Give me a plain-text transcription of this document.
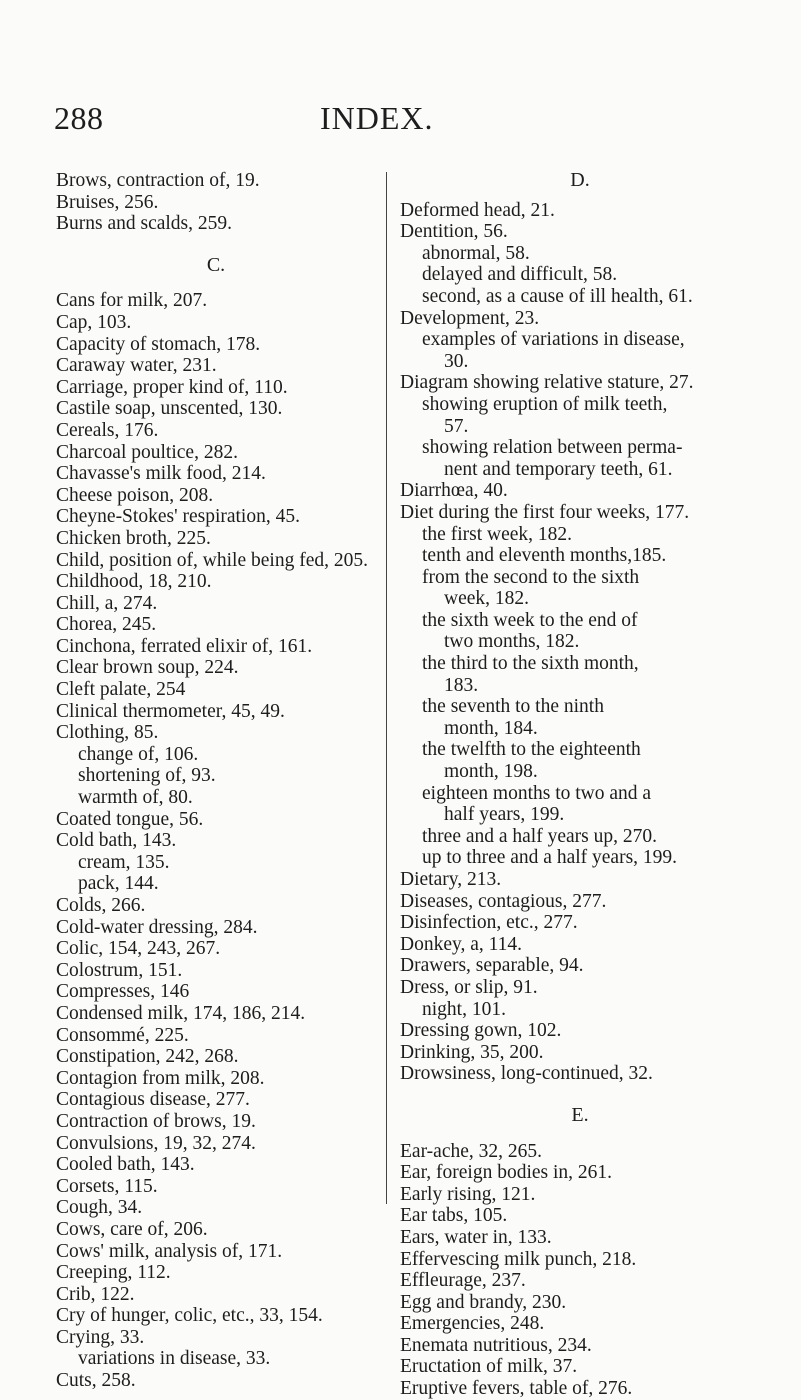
288	INDEX.
Brows, contraction of, 19.
Bruises, 256.
Burns and scalds, 259.
C.
Cans for milk, 207.
Cap, 103.
Capacity of stomach, 178.
Caraway water, 231.
Carriage, proper kind of, 110.
Castile soap, unscented, 130.
Cereals, 176.
Charcoal poultice, 282.
Chavasse's milk food, 214.
Cheese poison, 208.
Cheyne-Stokes' respiration, 45.
Chicken broth, 225.
Child, position of, while being fed, 205.
Childhood, 18, 210.
Chill, a, 274.
Chorea, 245.
Cinchona, ferrated elixir of, 161.
Clear brown soup, 224.
Cleft palate, 254
Clinical thermometer, 45, 49.
Clothing, 85.
change of, 106.
shortening of, 93.
warmth of, 80.
Coated tongue, 56.
Cold bath, 143.
cream, 135.
pack, 144.
Colds, 266.
Cold-water dressing, 284.
Colic, 154, 243, 267.
Colostrum, 151.
Compresses, 146
Condensed milk, 174, 186, 214.
Consommé, 225.
Constipation, 242, 268.
Contagion from milk, 208.
Contagious disease, 277.
Contraction of brows, 19.
Convulsions, 19, 32, 274.
Cooled bath, 143.
Corsets, 115.
Cough, 34.
Cows, care of, 206.
Cows' milk, analysis of, 171.
Creeping, 112.
Crib, 122.
Cry of hunger, colic, etc., 33, 154.
Crying, 33.
variations in disease, 33.
Cuts, 258.
D.
Deformed head, 21.
Dentition, 56.
abnormal, 58.
delayed and difficult, 58.
second, as a cause of ill health, 61.
Development, 23.
examples of variations in disease,
30.
Diagram showing relative stature, 27.
showing eruption of milk teeth,
57.
showing relation between perma-
nent and temporary teeth, 61.
Diarrhœa, 40.
Diet during the first four weeks, 177.
the first week, 182.
tenth and eleventh months,185.
from the second to the sixth
week, 182.
the sixth week to the end of
two months, 182.
the third to the sixth month,
183.
the seventh to the ninth
month, 184.
the twelfth to the eighteenth
month, 198.
eighteen months to two and a
half years, 199.
three and a half years up, 270.
up to three and a half years, 199.
Dietary, 213.
Diseases, contagious, 277.
Disinfection, etc., 277.
Donkey, a, 114.
Drawers, separable, 94.
Dress, or slip, 91.
night, 101.
Dressing gown, 102.
Drinking, 35, 200.
Drowsiness, long-continued, 32.
E.
Ear-ache, 32, 265.
Ear, foreign bodies in, 261.
Early rising, 121.
Ear tabs, 105.
Ears, water in, 133.
Effervescing milk punch, 218.
Effleurage, 237.
Egg and brandy, 230.
Emergencies, 248.
Enemata nutritious, 234.
Eructation of milk, 37.
Eruptive fevers, table of, 276.
